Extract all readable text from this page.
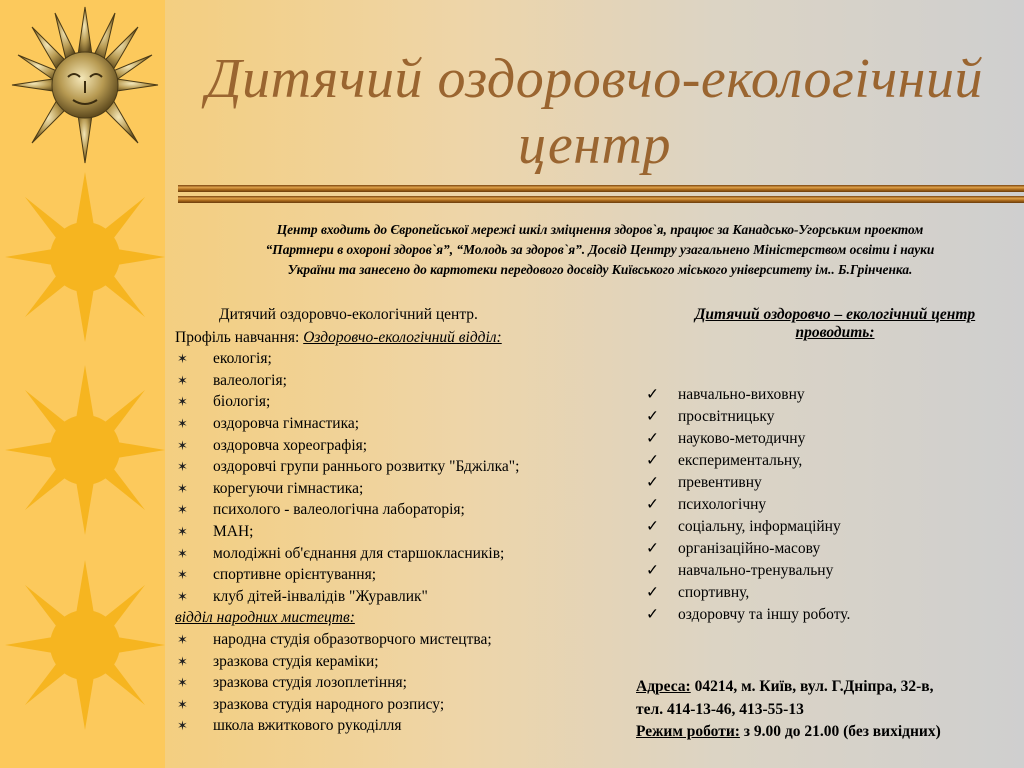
Дитячий оздоровчо-екологічний
центр
Центр входить до Європейської мережі шкіл зміцнення здоров`я, працює за Канадсько-Угорським проектом
“Партнери в охороні здоров`я”, “Молодь за здоров`я”. Досвід Центру узагальнено Міністерством освіти і науки
України та занесено до картотеки передового досвіду Київського міського університету ім.. Б.Грінченка.
Дитячий оздоровчо-екологічний центр.
Профіль навчання: Оздоровчо-екологічний відділ:
✶ екологія;
✶ валеологія;
✶ біологія;
✶ оздоровча гімнастика;
✶ оздоровча хореографія;
✶ оздоровчі групи раннього розвитку "Бджілка";
✶ корегуючи гімнастика;
✶ психолого - валеологічна лабораторія;
✶ МАН;
✶ молодіжні об'єднання для старшокласників;
✶ спортивне орієнтування;
✶ клуб дітей-інвалідів "Журавлик"
відділ народних мистецтв:
✶ народна студія образотворчого мистецтва;
✶ зразкова студія кераміки;
✶ зразкова студія лозоплетіння;
✶ зразкова студія народного розпису;
✶ школа вжиткового рукоділля
Дитячий оздоровчо – екологічний центр
проводить:
✓ навчально-виховну
✓ просвітницьку
✓ науково-методичну
✓ експериментальну,
✓ превентивну
✓ психологічну
✓ соціальну, інформаційну
✓ організаційно-масову
✓ навчально-тренувальну
✓ спортивну,
✓ оздоровчу та іншу роботу.
Адреса: 04214, м. Київ, вул. Г.Дніпра, 32-в,
тел. 414-13-46, 413-55-13
Режим роботи: з 9.00 до 21.00 (без вихідних)
